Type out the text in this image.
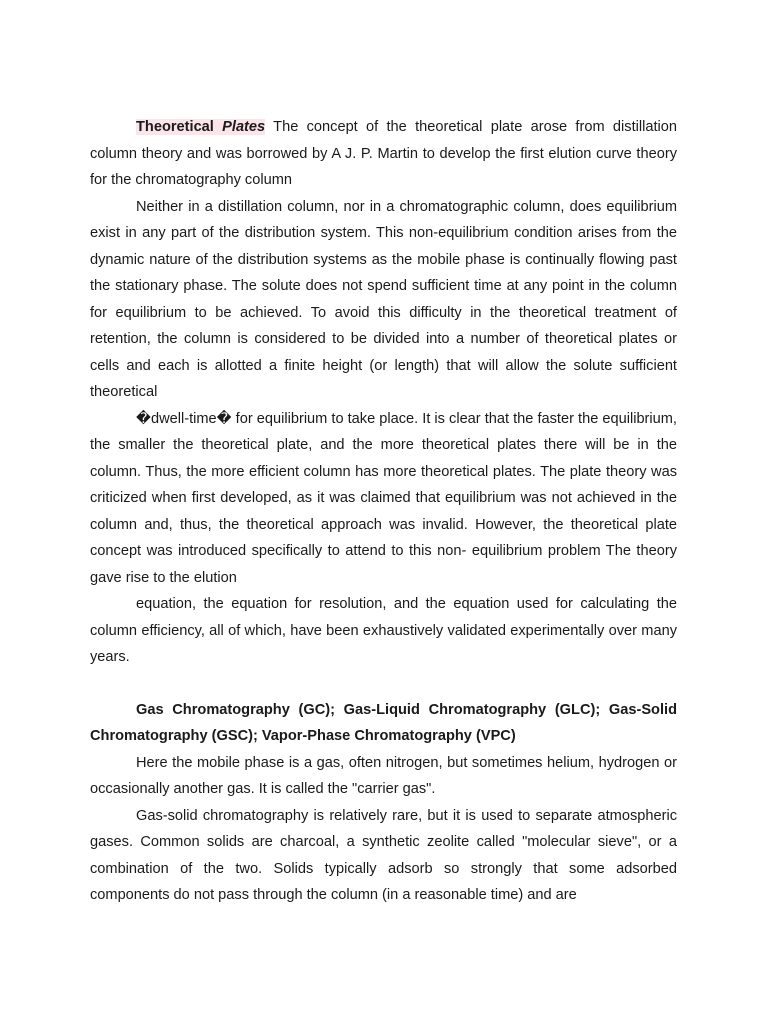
Theoretical Plates The concept of the theoretical plate arose from distillation column theory and was borrowed by A J. P. Martin to develop the first elution curve theory for the chromatography column

Neither in a distillation column, nor in a chromatographic column, does equilibrium exist in any part of the distribution system. This non-equilibrium condition arises from the dynamic nature of the distribution systems as the mobile phase is continually flowing past the stationary phase. The solute does not spend sufficient time at any point in the column for equilibrium to be achieved. To avoid this difficulty in the theoretical treatment of retention, the column is considered to be divided into a number of theoretical plates or cells and each is allotted a finite height (or length) that will allow the solute sufficient theoretical

�dwell-time� for equilibrium to take place. It is clear that the faster the equilibrium, the smaller the theoretical plate, and the more theoretical plates there will be in the column. Thus, the more efficient column has more theoretical plates. The plate theory was criticized when first developed, as it was claimed that equilibrium was not achieved in the column and, thus, the theoretical approach was invalid. However, the theoretical plate concept was introduced specifically to attend to this non- equilibrium problem The theory gave rise to the elution

equation, the equation for resolution, and the equation used for calculating the column efficiency, all of which, have been exhaustively validated experimentally over many years.

Gas Chromatography (GC); Gas-Liquid Chromatography (GLC); Gas-Solid Chromatography (GSC); Vapor-Phase Chromatography (VPC)

Here the mobile phase is a gas, often nitrogen, but sometimes helium, hydrogen or occasionally another gas. It is called the "carrier gas".

Gas-solid chromatography is relatively rare, but it is used to separate atmospheric gases. Common solids are charcoal, a synthetic zeolite called "molecular sieve", or a combination of the two. Solids typically adsorb so strongly that some adsorbed components do not pass through the column (in a reasonable time) and are
